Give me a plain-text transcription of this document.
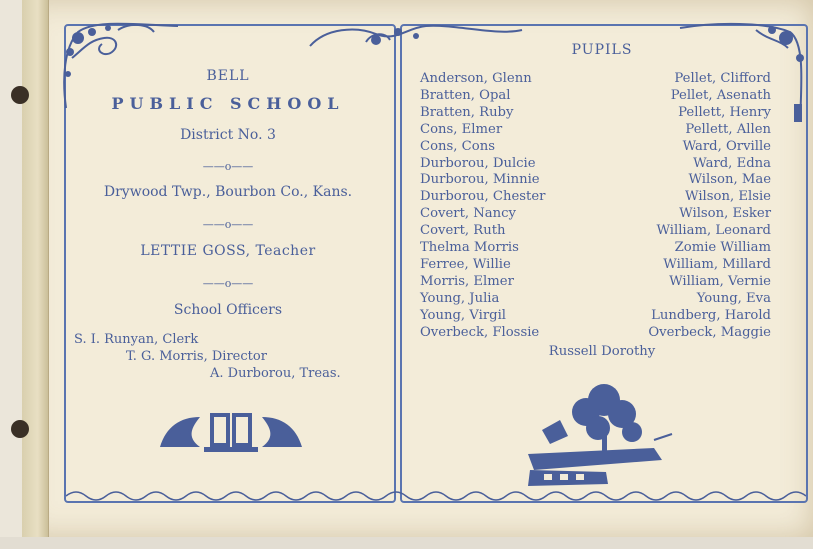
BELL
PUBLIC SCHOOL
District No. 3
——o——
Drywood Twp., Bourbon Co., Kans.
——o——
LETTIE GOSS, Teacher
——o——
School Officers
S. I. Runyan, Clerk
T. G. Morris, Director
A. Durborou, Treas.
PUPILS
Anderson, Glenn
Bratten, Opal
Bratten, Ruby
Cons, Elmer
Cons, Cons
Durborou, Dulcie
Durborou, Minnie
Durborou, Chester
Covert, Nancy
Covert, Ruth
Thelma Morris
Ferree, Willie
Morris, Elmer
Young, Julia
Young, Virgil
Overbeck, Flossie
Pellet, Clifford
Pellet, Asenath
Pellett, Henry
Pellett, Allen
Ward, Orville
Ward, Edna
Wilson, Mae
Wilson, Elsie
Wilson, Esker
William, Leonard
Zomie William
William, Millard
William, Vernie
Young, Eva
Lundberg, Harold
Overbeck, Maggie
Russell Dorothy
